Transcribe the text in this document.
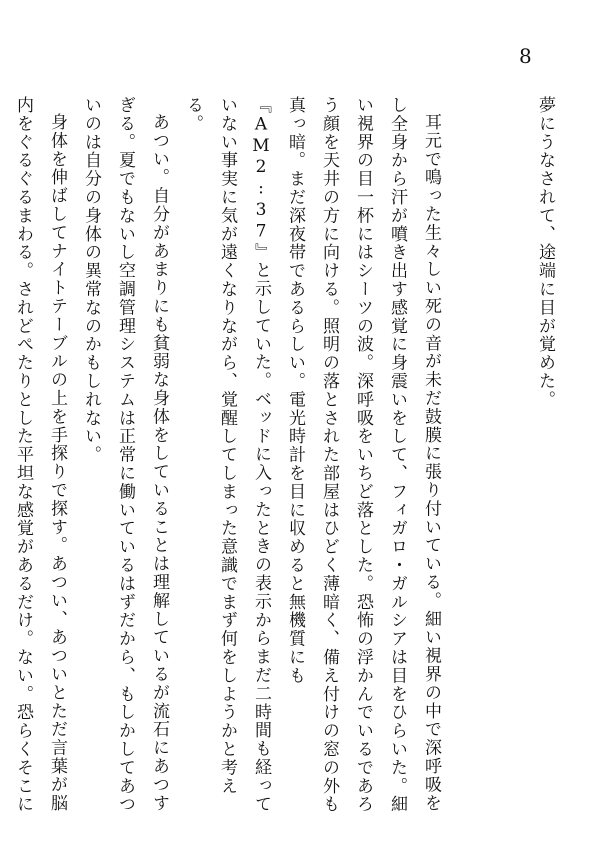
8
夢にうなされて、途端に目が覚めた。

耳元で鳴った生々しい死の音が未だ鼓膜に張り付いている。細い視界の中で深呼吸をし全身から汗が噴き出す感覚に身震いをして、フィガロ・ガルシアは目をひらいた。細い視界の目一杯にはシーツの波。深呼吸をいちど落とした。恐怖の浮かんでいるであろう顔を天井の方に向ける。照明の落とされた部屋はひどく薄暗く、備え付けの窓の外も真っ暗。まだ深夜帯であるらしい。電光時計を目に収めると無機質にも『AM2:37』と示していた。ベッドに入ったときの表示からまだ二時間も経っていない事実に気が遠くなりながら、覚醒してしまった意識でまず何をしようかと考える。

あつい。自分があまりにも貧弱な身体をしていることは理解しているが流石にあつすぎる。夏でもないし空調管理システムは正常に働いているはずだから、もしかしてあついのは自分の身体の異常なのかもしれない。

身体を伸ばしてナイトテーブルの上を手探りで探す。あつい、あついとただ言葉が脳内をぐるぐるまわる。されどぺたりとした平坦な感覚があるだけ。ない。恐らくそこに
